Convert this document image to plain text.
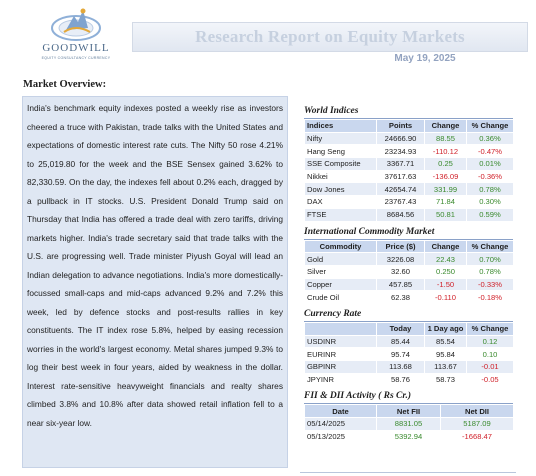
GOODWILL
EQUITY CONSULTANCY CURRENCY
Research Report on Equity Markets
May 19, 2025
Market Overview:
India's benchmark equity indexes posted a weekly rise as investors cheered a truce with Pakistan, trade talks with the United States and expectations of domestic interest rate cuts. The Nifty 50 rose 4.21% to 25,019.80 for the week and the BSE Sensex gained 3.62% to 82,330.59. On the day, the indexes fell about 0.2% each, dragged by a pullback in IT stocks. U.S. President Donald Trump said on Thursday that India has offered a trade deal with zero tariffs, driving markets higher. India's trade secretary said that trade talks with the U.S. are progressing well. Trade minister Piyush Goyal will lead an Indian delegation to advance negotiations. India's more domestically-focussed small-caps and mid-caps advanced 9.2% and 7.2% this week, led by defence stocks and post-results rallies in key constituents. The IT index rose 5.8%, helped by easing recession worries in the world's largest economy. Metal shares jumped 9.3% to log their best week in four years, aided by weakness in the dollar. Interest rate-sensitive heavyweight financials and realty shares climbed 3.8% and 10.8% after data showed retail inflation fell to a near six-year low.
World Indices
Indices	Points	Change	% Change
Nifty	24666.90	88.55	0.36%
Hang Seng	23234.93	-110.12	-0.47%
SSE Composite	3367.71	0.25	0.01%
Nikkei	37617.63	-136.09	-0.36%
Dow Jones	42654.74	331.99	0.78%
DAX	23767.43	71.84	0.30%
FTSE	8684.56	50.81	0.59%
International Commodity Market
Commodity	Price ($)	Change	% Change
Gold	3226.08	22.43	0.70%
Silver	32.60	0.250	0.78%
Copper	457.85	-1.50	-0.33%
Crude Oil	62.38	-0.110	-0.18%
Currency Rate
	Today	1 Day ago	% Change
USDINR	85.44	85.54	0.12
EURINR	95.74	95.84	0.10
GBPINR	113.68	113.67	-0.01
JPYINR	58.76	58.73	-0.05
FII & DII Activity ( Rs Cr.)
Date	Net FII	Net DII
05/14/2025	8831.05	5187.09
05/13/2025	5392.94	-1668.47
